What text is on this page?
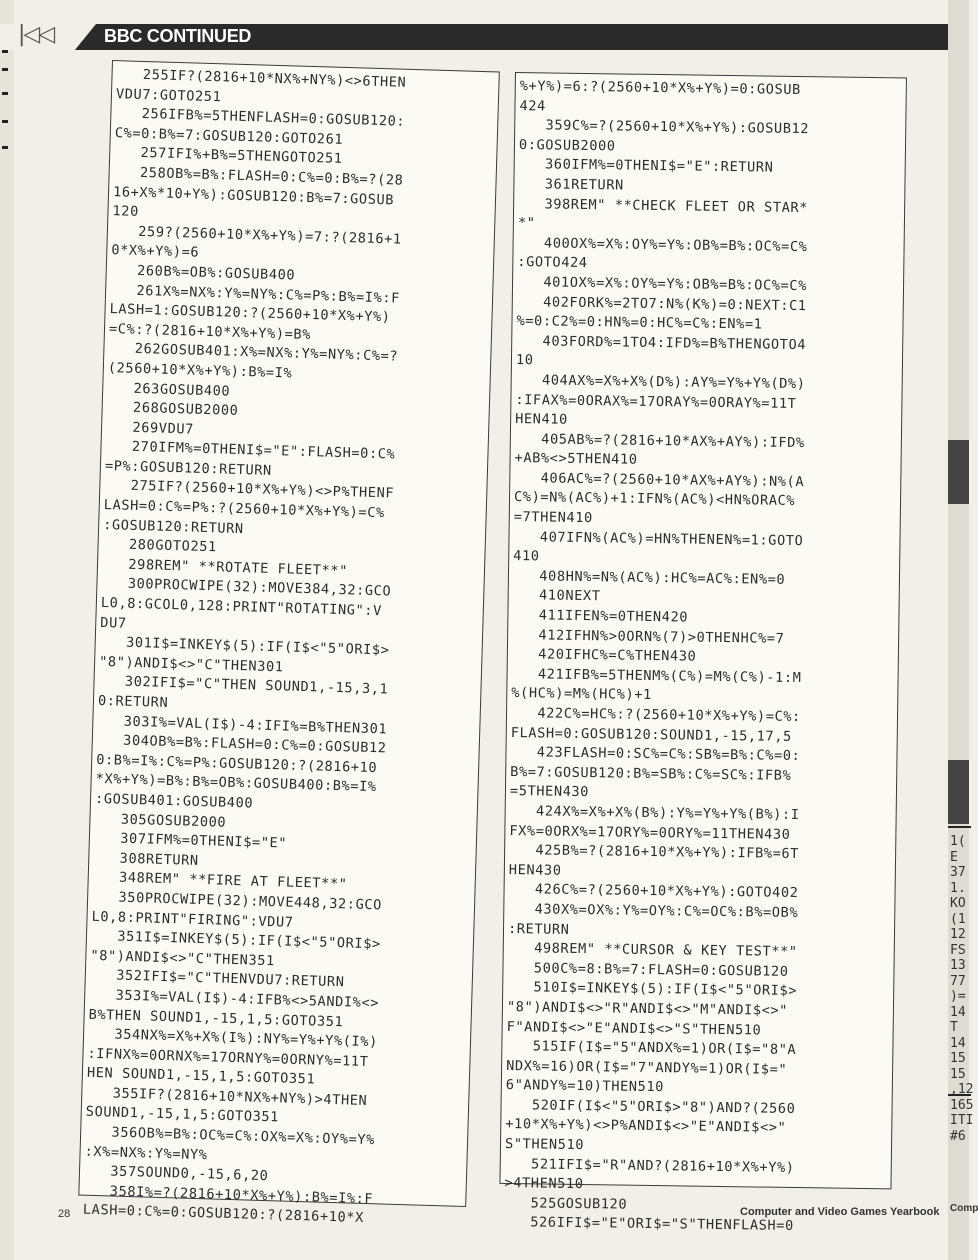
|◁◁	BBC CONTINUED
255IF?(2816+10*NX%+NY%)<>6THEN
VDU7:GOTO251
256IFB%=5THENFLASH=0:GOSUB120:
C%=0:B%=7:GOSUB120:GOTO261
257IFI%+B%=5THENGOTO251
258OB%=B%:FLASH=0:C%=0:B%=?(28
16+X%*10+Y%):GOSUB120:B%=7:GOSUB
120
259?(2560+10*X%+Y%)=7:?(2816+1
0*X%+Y%)=6
260B%=OB%:GOSUB400
261X%=NX%:Y%=NY%:C%=P%:B%=I%:F
LASH=1:GOSUB120:?(2560+10*X%+Y%)
=C%:?(2816+10*X%+Y%)=B%
262GOSUB401:X%=NX%:Y%=NY%:C%=?
(2560+10*X%+Y%):B%=I%
263GOSUB400
268GOSUB2000
269VDU7
270IFM%=0THENI$="E":FLASH=0:C%
=P%:GOSUB120:RETURN
275IF?(2560+10*X%+Y%)<>P%THENF
LASH=0:C%=P%:?(2560+10*X%+Y%)=C%
:GOSUB120:RETURN
280GOTO251
298REM" **ROTATE FLEET**"
300PROCWIPE(32):MOVE384,32:GCO
L0,8:GCOL0,128:PRINT"ROTATING":V
DU7
301I$=INKEY$(5):IF(I$<"5"ORI$>
"8")ANDI$<>"C"THEN301
302IFI$="C"THEN SOUND1,-15,3,1
0:RETURN
303I%=VAL(I$)-4:IFI%=B%THEN301
304OB%=B%:FLASH=0:C%=0:GOSUB12
0:B%=I%:C%=P%:GOSUB120:?(2816+10
*X%+Y%)=B%:B%=OB%:GOSUB400:B%=I%
:GOSUB401:GOSUB400
305GOSUB2000
307IFM%=0THENI$="E"
308RETURN
348REM" **FIRE AT FLEET**"
350PROCWIPE(32):MOVE448,32:GCO
L0,8:PRINT"FIRING":VDU7
351I$=INKEY$(5):IF(I$<"5"ORI$>
"8")ANDI$<>"C"THEN351
352IFI$="C"THENVDU7:RETURN
353I%=VAL(I$)-4:IFB%<>5ANDI%<>
B%THEN SOUND1,-15,1,5:GOTO351
354NX%=X%+X%(I%):NY%=Y%+Y%(I%)
:IFNX%=0ORNX%=17ORNY%=0ORNY%=11T
HEN SOUND1,-15,1,5:GOTO351
355IF?(2816+10*NX%+NY%)>4THEN
SOUND1,-15,1,5:GOTO351
356OB%=B%:OC%=C%:OX%=X%:OY%=Y%
:X%=NX%:Y%=NY%
357SOUND0,-15,6,20
358I%=?(2816+10*X%+Y%):B%=I%:F
LASH=0:C%=0:GOSUB120:?(2816+10*X
%+Y%)=6:?(2560+10*X%+Y%)=0:GOSUB
424
359C%=?(2560+10*X%+Y%):GOSUB12
0:GOSUB2000
360IFM%=0THENI$="E":RETURN
361RETURN
398REM" **CHECK FLEET OR STAR*
*"
400OX%=X%:OY%=Y%:OB%=B%:OC%=C%
:GOTO424
401OX%=X%:OY%=Y%:OB%=B%:OC%=C%
402FORK%=2TO7:N%(K%)=0:NEXT:C1
%=0:C2%=0:HN%=0:HC%=C%:EN%=1
403FORD%=1TO4:IFD%=B%THENGOTO4
10
404AX%=X%+X%(D%):AY%=Y%+Y%(D%)
:IFAX%=0ORAX%=17ORAY%=0ORAY%=11T
HEN410
405AB%=?(2816+10*AX%+AY%):IFD%
+AB%<>5THEN410
406AC%=?(2560+10*AX%+AY%):N%(A
C%)=N%(AC%)+1:IFN%(AC%)<HN%ORAC%
=7THEN410
407IFN%(AC%)=HN%THENEN%=1:GOTO
410
408HN%=N%(AC%):HC%=AC%:EN%=0
410NEXT
411IFEN%=0THEN420
412IFHN%>0ORN%(7)>0THENHC%=7
420IFHC%=C%THEN430
421IFB%=5THENM%(C%)=M%(C%)-1:M
%(HC%)=M%(HC%)+1
422C%=HC%:?(2560+10*X%+Y%)=C%:
FLASH=0:GOSUB120:SOUND1,-15,17,5
423FLASH=0:SC%=C%:SB%=B%:C%=0:
B%=7:GOSUB120:B%=SB%:C%=SC%:IFB%
=5THEN430
424X%=X%+X%(B%):Y%=Y%+Y%(B%):I
FX%=0ORX%=17ORY%=0ORY%=11THEN430
425B%=?(2816+10*X%+Y%):IFB%=6T
HEN430
426C%=?(2560+10*X%+Y%):GOTO402
430X%=OX%:Y%=OY%:C%=OC%:B%=OB%
:RETURN
498REM" **CURSOR & KEY TEST**"
500C%=8:B%=7:FLASH=0:GOSUB120
510I$=INKEY$(5):IF(I$<"5"ORI$>
"8")ANDI$<>"R"ANDI$<>"M"ANDI$<>"
F"ANDI$<>"E"ANDI$<>"S"THEN510
515IF(I$="5"ANDX%=1)OR(I$="8"A
NDX%=16)OR(I$="7"ANDY%=1)OR(I$="
6"ANDY%=10)THEN510
520IF(I$<"5"ORI$>"8")AND?(2560
+10*X%+Y%)<>P%ANDI$<>"E"ANDI$<>"
S"THEN510
521IFI$="R"AND?(2816+10*X%+Y%)
>4THEN510
525GOSUB120
526IFI$="E"ORI$="S"THENFLASH=0
1(
E
37
1.
KO
(1
12
FS
13
77
)=
14
T
14
15
15
,12
165
ITI
#6
Comp
28	Computer and Video Games Yearbook
